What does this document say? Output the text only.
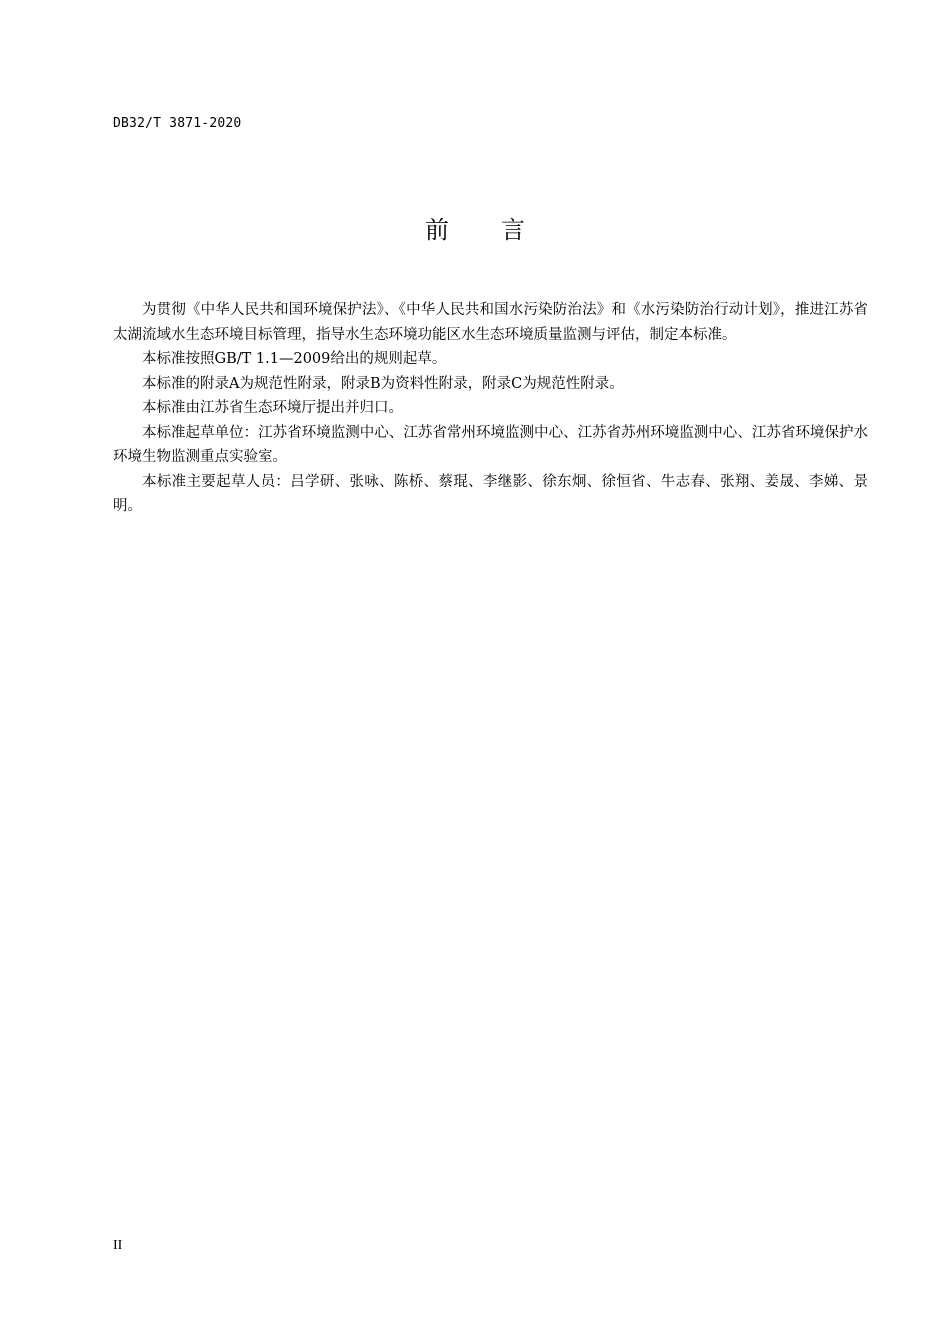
DB32/T 3871-2020
前言

为贯彻《中华人民共和国环境保护法》、《中华人民共和国水污染防治法》和《水污染防治行动计划》，推进江苏省太湖流域水生态环境目标管理，指导水生态环境功能区水生态环境质量监测与评估，制定本标准。

本标准按照GB/T 1.1—2009给出的规则起草。

本标准的附录A为规范性附录，附录B为资料性附录，附录C为规范性附录。

本标准由江苏省生态环境厅提出并归口。

本标准起草单位：江苏省环境监测中心、江苏省常州环境监测中心、江苏省苏州环境监测中心、江苏省环境保护水环境生物监测重点实验室。

本标准主要起草人员：吕学研、张咏、陈桥、蔡琨、李继影、徐东炯、徐恒省、牛志春、张翔、姜晟、李娣、景明。

II
